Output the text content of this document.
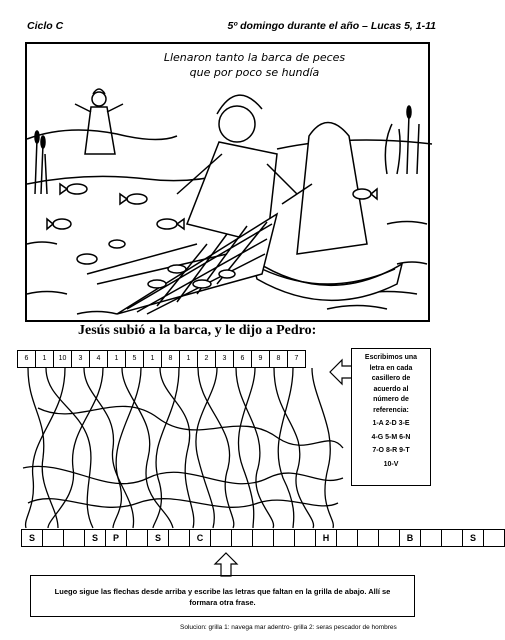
Ciclo C	5º domingo durante el año – Lucas 5, 1-11
Llenaron tanto la barca de peces
que por poco se hundía
Jesús subió a la barca, y le dijo a Pedro:
6	1	10	3	4	1	5	1	8	1	2	3	6	9	8	7	Escribimos una
letra en cada
casillero de
acuerdo al
número de
referencia:
1-A 2-D 3-E
4-G 5-M 6-N
7-O 8-R 9-T
10-V
S	S	P	S	C	H	B	S
Luego sigue las flechas desde arriba y escribe las letras que faltan en la grilla de abajo. Allí se
formara otra frase.
Solucion: grilla 1: navega mar adentro- grilla 2: seras pescador de hombres
